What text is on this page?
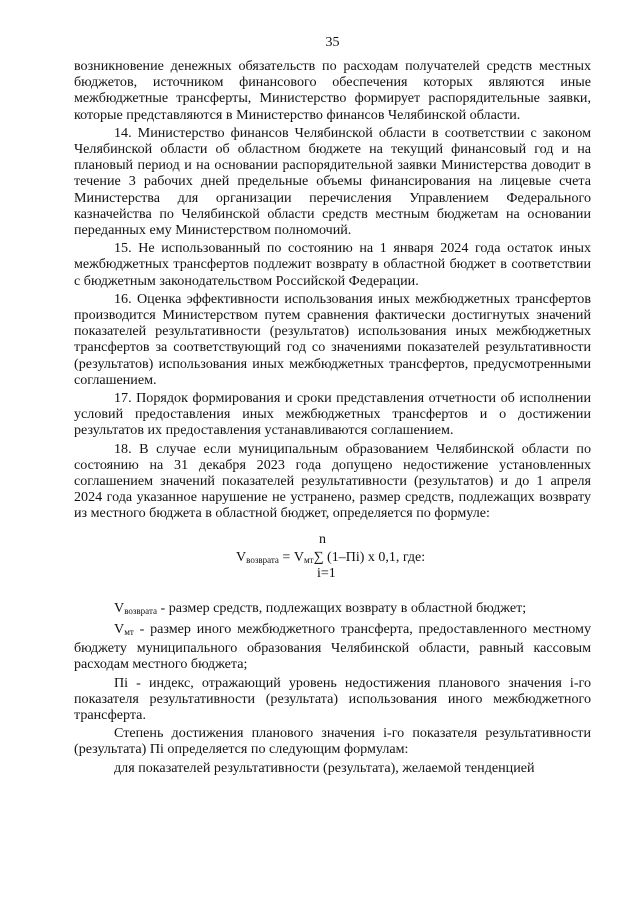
35

возникновение денежных обязательств по расходам получателей средств местных бюджетов, источником финансового обеспечения которых являются иные межбюджетные трансферты, Министерство формирует распорядительные заявки, которые представляются в Министерство финансов Челябинской области.

14. Министерство финансов Челябинской области в соответствии с законом Челябинской области об областном бюджете на текущий финансовый год и на плановый период и на основании распорядительной заявки Министерства доводит в течение 3 рабочих дней предельные объемы финансирования на лицевые счета Министерства для организации перечисления Управлением Федерального казначейства по Челябинской области средств местным бюджетам на основании переданных ему Министерством полномочий.

15. Не использованный по состоянию на 1 января 2024 года остаток иных межбюджетных трансфертов подлежит возврату в областной бюджет в соответствии с бюджетным законодательством Российской Федерации.

16. Оценка эффективности использования иных межбюджетных трансфертов производится Министерством путем сравнения фактически достигнутых значений показателей результативности (результатов) использования иных межбюджетных трансфертов за соответствующий год со значениями показателей результативности (результатов) использования иных межбюджетных трансфертов, предусмотренными соглашением.

17. Порядок формирования и сроки представления отчетности об исполнении условий предоставления иных межбюджетных трансфертов и о достижении результатов их предоставления устанавливаются соглашением.

18. В случае если муниципальным образованием Челябинской области по состоянию на 31 декабря 2023 года допущено недостижение установленных соглашением значений показателей результативности (результатов) и до 1 апреля 2024 года указанное нарушение не устранено, размер средств, подлежащих возврату из местного бюджета в областной бюджет, определяется по формуле:

n
$V_{возврата} = V_{мт}\sum$ (1–Пi) x 0,1, где:
i=1

$V_{возврата}$ - размер средств, подлежащих возврату в областной бюджет;

$V_{мт}$ - размер иного межбюджетного трансферта, предоставленного местному бюджету муниципального образования Челябинской области, равный кассовым расходам местного бюджета;

Пi - индекс, отражающий уровень недостижения планового значения i-го показателя результативности (результата) использования иного межбюджетного трансферта.

Степень достижения планового значения i-го показателя результативности (результата) Пi определяется по следующим формулам:

для показателей результативности (результата), желаемой тенденцией
